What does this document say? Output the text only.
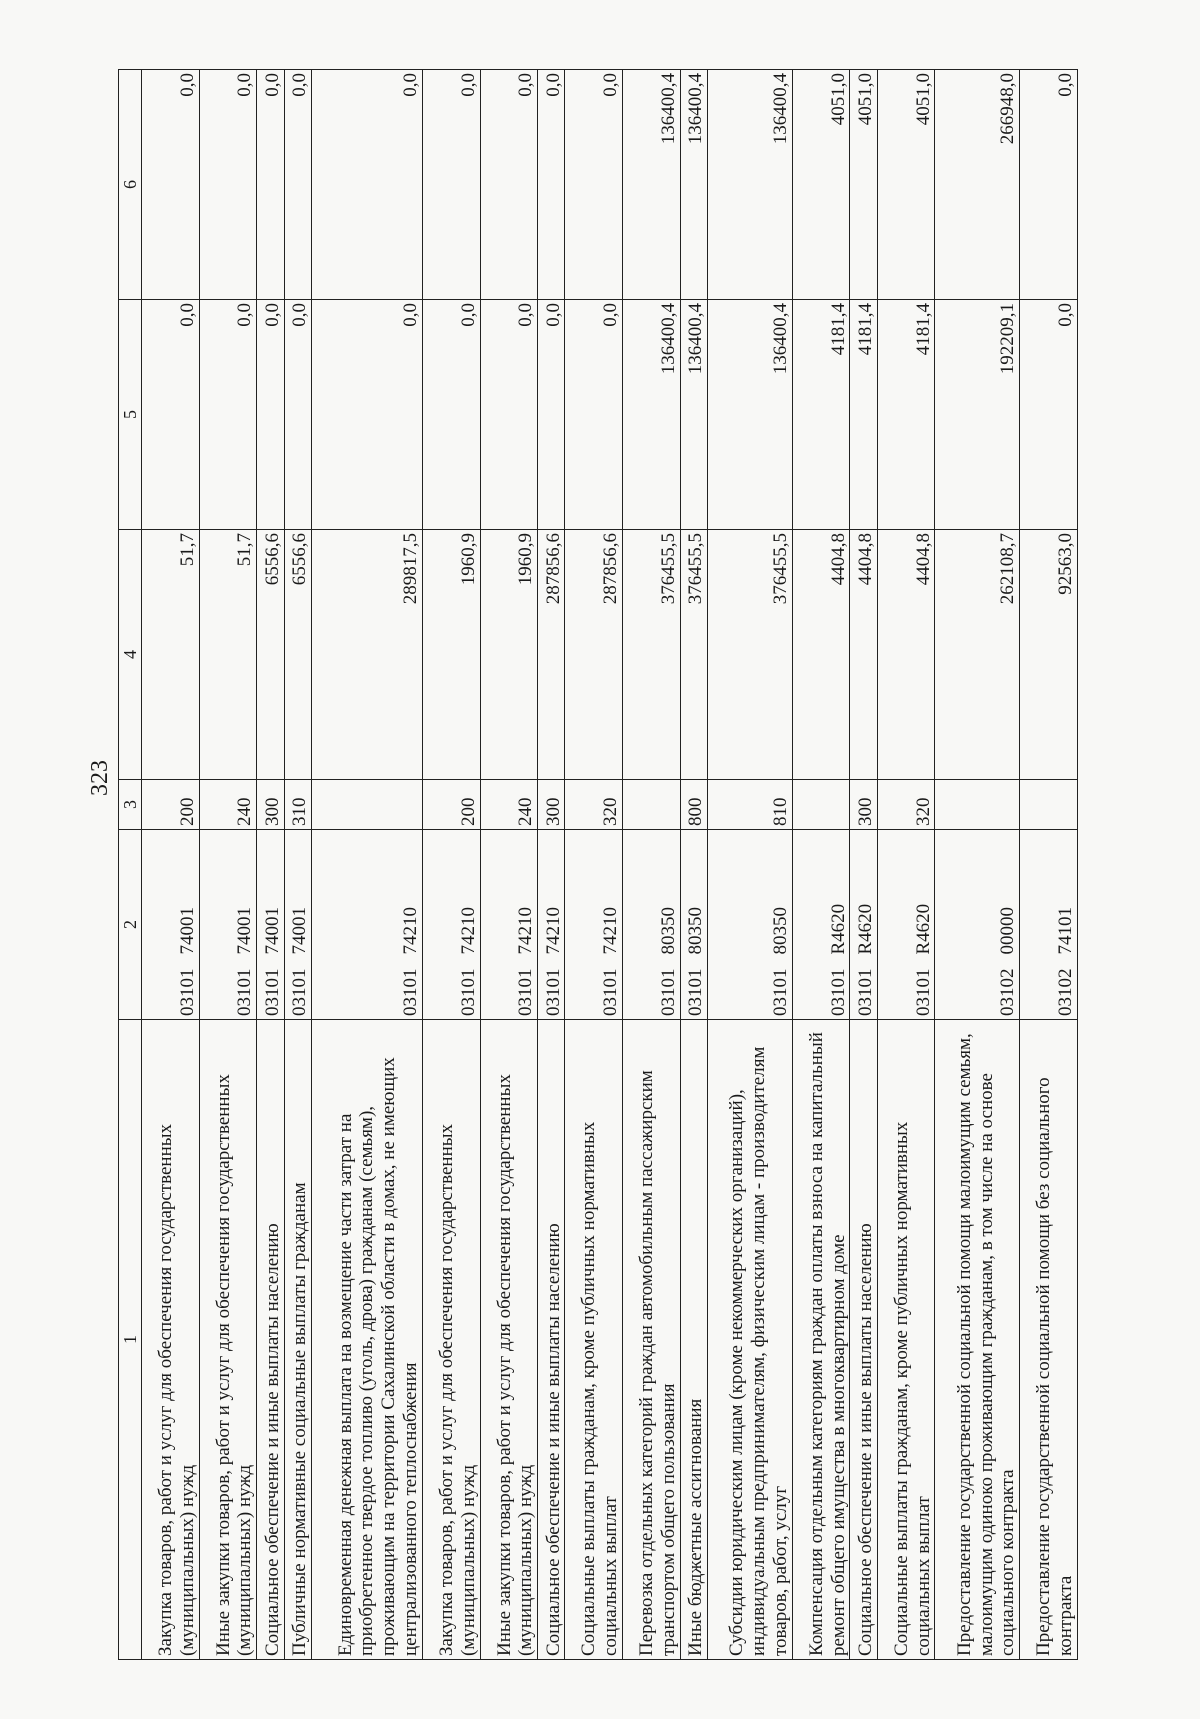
323
1	2	3	4	5	6
Закупка товаров, работ и услуг для обеспечения государственных (муниципальных) нужд	0310174001	200	51,7	0,0	0,0
Иные закупки товаров, работ и услуг для обеспечения государственных (муниципальных) нужд	0310174001	240	51,7	0,0	0,0
Социальное обеспечение и иные выплаты населению	0310174001	300	6556,6	0,0	0,0
Публичные нормативные социальные выплаты гражданам	0310174001	310	6556,6	0,0	0,0
Единовременная денежная выплата на возмещение части затрат на приобретенное твердое топливо (уголь, дрова) гражданам (семьям), проживающим на территории Сахалинской области в домах, не имеющих централизованного теплоснабжения	0310174210		289817,5	0,0	0,0
Закупка товаров, работ и услуг для обеспечения государственных (муниципальных) нужд	0310174210	200	1960,9	0,0	0,0
Иные закупки товаров, работ и услуг для обеспечения государственных (муниципальных) нужд	0310174210	240	1960,9	0,0	0,0
Социальное обеспечение и иные выплаты населению	0310174210	300	287856,6	0,0	0,0
Социальные выплаты гражданам, кроме публичных нормативных социальных выплат	0310174210	320	287856,6	0,0	0,0
Перевозка отдельных категорий граждан автомобильным пассажирским транспортом общего пользования	0310180350		376455,5	136400,4	136400,4
Иные бюджетные ассигнования	0310180350	800	376455,5	136400,4	136400,4
Субсидии юридическим лицам (кроме некоммерческих организаций), индивидуальным предпринимателям, физическим лицам - производителям товаров, работ, услуг	0310180350	810	376455,5	136400,4	136400,4
Компенсация отдельным категориям граждан оплаты взноса на капитальный ремонт общего имущества в многоквартирном доме	03101R4620		4404,8	4181,4	4051,0
Социальное обеспечение и иные выплаты населению	03101R4620	300	4404,8	4181,4	4051,0
Социальные выплаты гражданам, кроме публичных нормативных социальных выплат	03101R4620	320	4404,8	4181,4	4051,0
Предоставление государственной социальной помощи малоимущим семьям, малоимущим одиноко проживающим гражданам, в том числе на основе социального контракта	0310200000		262108,7	192209,1	266948,0
Предоставление государственной социальной помощи без социального контракта	0310274101		92563,0	0,0	0,0
